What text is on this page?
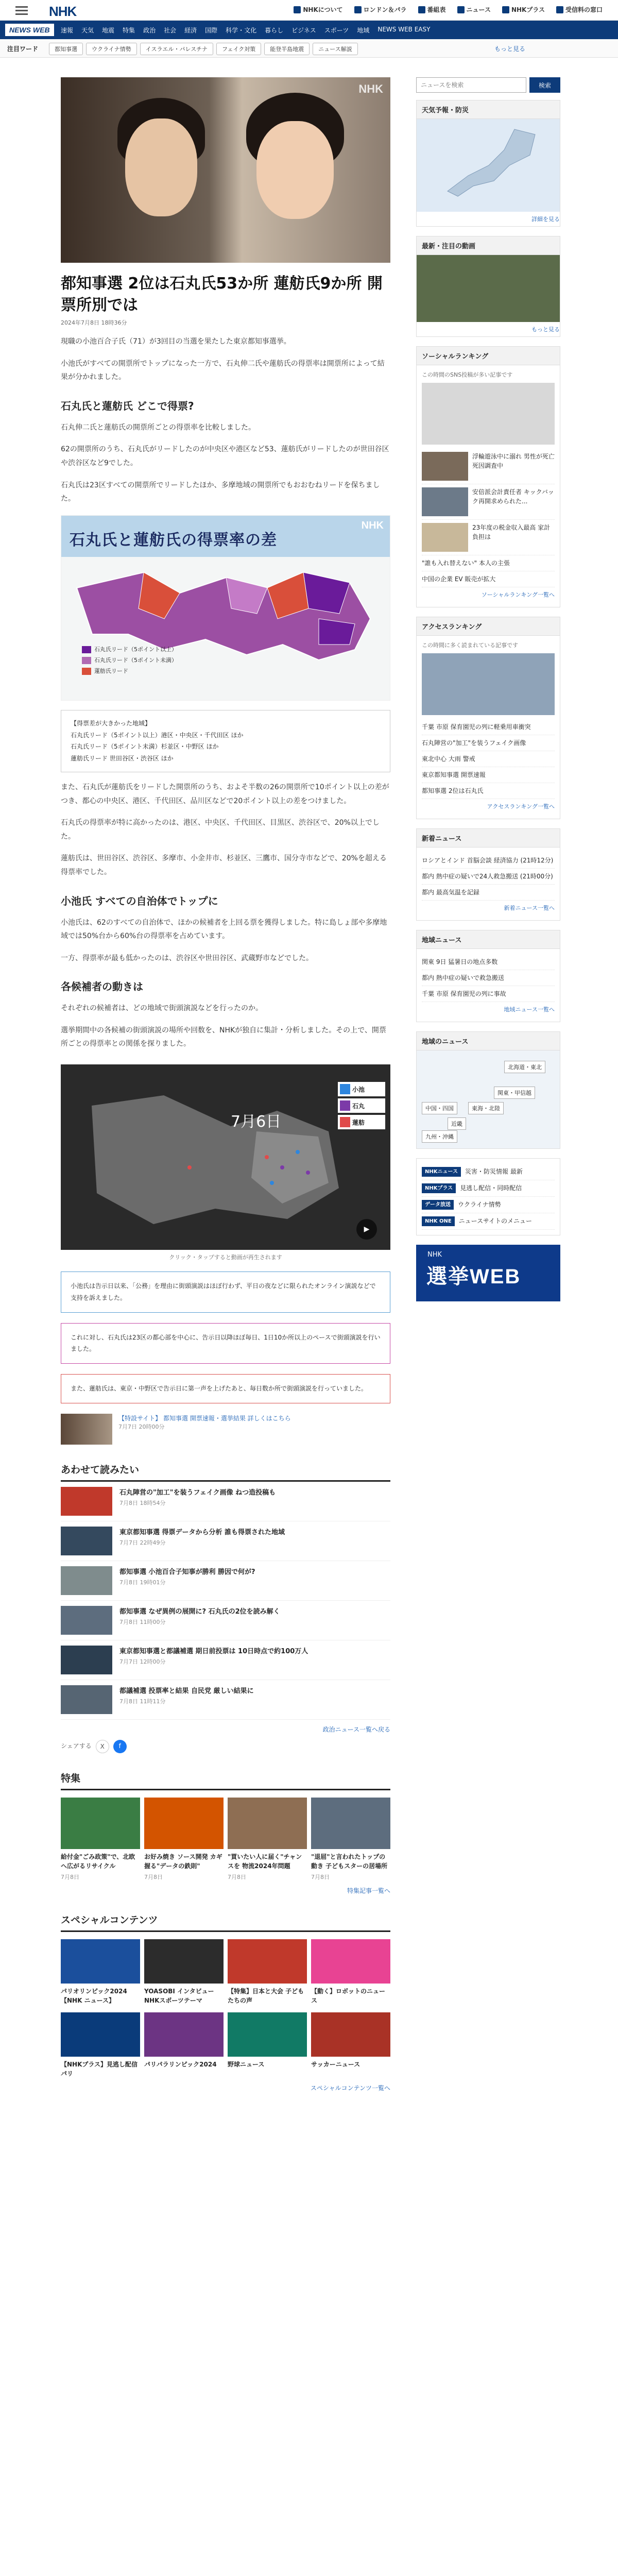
NHK	NHKについて	ロンドン＆パラ	番組表	ニュース	NHKプラス	受信料の窓口
NEWS WEB	速報 天気 地震 特集 政治 社会 経済 国際 科学・文化 暮らし ビジネス スポーツ 地域 NEWS WEB EASY
注目ワード	都知事選	ウクライナ情勢	イスラエル・パレスチナ	フェイク対策	能登半島地震	ニュース解説	もっと見る
NHK
都知事選 2位は石丸氏53か所 蓮舫氏9か所 開票所別では
2024年7月8日 18時36分

現職の小池百合子氏（71）が3回目の当選を果たした東京都知事選挙。

小池氏がすべての開票所でトップになった一方で、石丸伸二氏や蓮舫氏の得票率は開票所によって結果が分かれました。

石丸氏と蓮舫氏 どこで得票?

石丸伸二氏と蓮舫氏の開票所ごとの得票率を比較しました。

62の開票所のうち、石丸氏がリードしたのが中央区や港区など53、蓮舫氏がリードしたのが世田谷区や渋谷区など9でした。

石丸氏は23区すべての開票所でリードしたほか、多摩地域の開票所でもおおむねリードを保ちました。

石丸氏と蓮舫氏の得票率の差
NHK
石丸氏リード（5ポイント以上）
石丸氏リード（5ポイント未満）
蓮舫氏リード
【得票差が大きかった地域】
石丸氏リード（5ポイント以上）港区・中央区・千代田区 ほか
石丸氏リード（5ポイント未満）杉並区・中野区 ほか
蓮舫氏リード 世田谷区・渋谷区 ほか

また、石丸氏が蓮舫氏をリードした開票所のうち、およそ半数の26の開票所で10ポイント以上の差がつき、都心の中央区、港区、千代田区、品川区などで20ポイント以上の差をつけました。

石丸氏の得票率が特に高かったのは、港区、中央区、千代田区、目黒区、渋谷区で、20%以上でした。

蓮舫氏は、世田谷区、渋谷区、多摩市、小金井市、杉並区、三鷹市、国分寺市などで、20%を超える得票率でした。

小池氏 すべての自治体でトップに

小池氏は、62のすべての自治体で、ほかの候補者を上回る票を獲得しました。特に島しょ部や多摩地域では50%台から60%台の得票率を占めています。

一方、得票率が最も低かったのは、渋谷区や世田谷区、武蔵野市などでした。

各候補者の動きは

それぞれの候補者は、どの地域で街頭演説などを行ったのか。

選挙期間中の各候補の街頭演説の場所や回数を、NHKが独自に集計・分析しました。その上で、開票所ごとの得票率との関係を探りました。

7月6日
小池
石丸
蓮舫
▶
クリック・タップすると動画が再生されます
小池氏は告示日以来、「公務」を理由に街頭演説はほぼ行わず、平日の夜などに限られたオンライン演説などで支持を訴えました。
これに対し、石丸氏は23区の都心部を中心に、告示日以降ほぼ毎日、1日10か所以上のペースで街頭演説を行いました。
また、蓮舫氏は、東京・中野区で告示日に第一声を上げたあと、毎日数か所で街頭演説を行っていました。
【特設サイト】 都知事選 開票速報・選挙結果 詳しくはこちら
7月7日 20時00分
あわせて読みたい
石丸陣営の"加工"を装うフェイク画像 ねつ造投稿も
7月8日 18時54分
東京都知事選 得票データから分析 誰も得票された地域
7月7日 22時49分
都知事選 小池百合子知事が勝利 勝因で何が?
7月8日 19時01分
都知事選 なぜ異例の展開に? 石丸氏の2位を読み解く
7月8日 11時00分
東京都知事選と都議補選 期日前投票は 10日時点で約100万人
7月7日 12時00分
都議補選 投票率と結果 自民党 厳しい結果に
7月8日 11時11分
政治ニュース一覧へ戻る
シェアする	X	f
特集
給付金"ごみ政策"で、北欧へ広がるリサイクル
7月8日
お好み焼き ソース開発 カギ握る"データの鉄則"
7月8日
"買いたい人に届く"チャンスを 物流2024年問題
7月8日
"退屈"と言われたトップの動き 子どもスターの居場所
7月8日
特集記事一覧へ
スペシャルコンテンツ
パリオリンピック2024【NHK ニュース】
YOASOBI インタビュー NHKスポーツテーマ
【特集】日本と大会 子どもたちの声
【動く】ロボットのニュース
【NHKプラス】見逃し配信 パリ
パリパラリンピック2024	野球ニュース	サッカーニュース
スペシャルコンテンツ一覧へ
ニュースを検索
検索
天気予報・防災
詳細を見る
最新・注目の動画
もっと見る
ソーシャルランキング
この時間のSNS投稿が多い記事です
浮輪遊泳中に溺れ 男性が死亡 死因調査中
安倍派会計責任者 キックバック再開求められた...
23年度の税金収入最高 家計負担は
"誰も入れ替えない" 本人の主張
中国の企業 EV 販売が拡大
ソーシャルランキング一覧へ
アクセスランキング
この時間に多く読まれている記事です
千葉 市原 保育園児の列に軽乗用車衝突
石丸陣営の"加工"を装うフェイク画像
東北中心 大雨 警戒
東京都知事選 開票速報
都知事選 2位は石丸氏
アクセスランキング一覧へ
新着ニュース
ロシアとインド 首脳会談 経済協力 (21時12分)
都内 熱中症の疑いで24人救急搬送 (21時00分)
都内 最高気温を記録
新着ニュース一覧へ
地域ニュース
関東 9日 猛暑日の地点多数
都内 熱中症の疑いで救急搬送
千葉 市原 保育園児の列に事故
地域ニュース一覧へ
地域のニュース
北海道・東北
関東・甲信越
東海・北陸
近畿
中国・四国
九州・沖縄
NHKニュース	災害・防災情報 最新
NHKプラス	見逃し配信・同時配信
データ放送	ウクライナ情勢
NHK ONE	ニュースサイトのメニュー
NHK
選挙WEB
